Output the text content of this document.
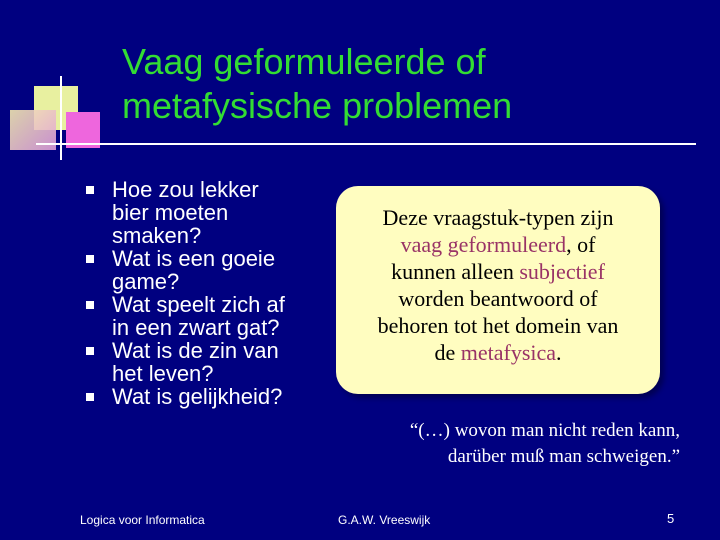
Vaag geformuleerde of
metafysische problemen
Hoe zou lekker bier moeten smaken?
Wat is een goeie game?
Wat speelt zich af in een zwart gat?
Wat is de zin van het leven?
Wat is gelijkheid?
Deze vraagstuk-typen zijn
vaag geformuleerd, of
kunnen alleen subjectief
worden beantwoord of
behoren tot het domein van
de metafysica.
“(…) wovon man nicht reden kann,
darüber muß man schweigen.”
Logica voor Informatica	G.A.W. Vreeswijk	5
